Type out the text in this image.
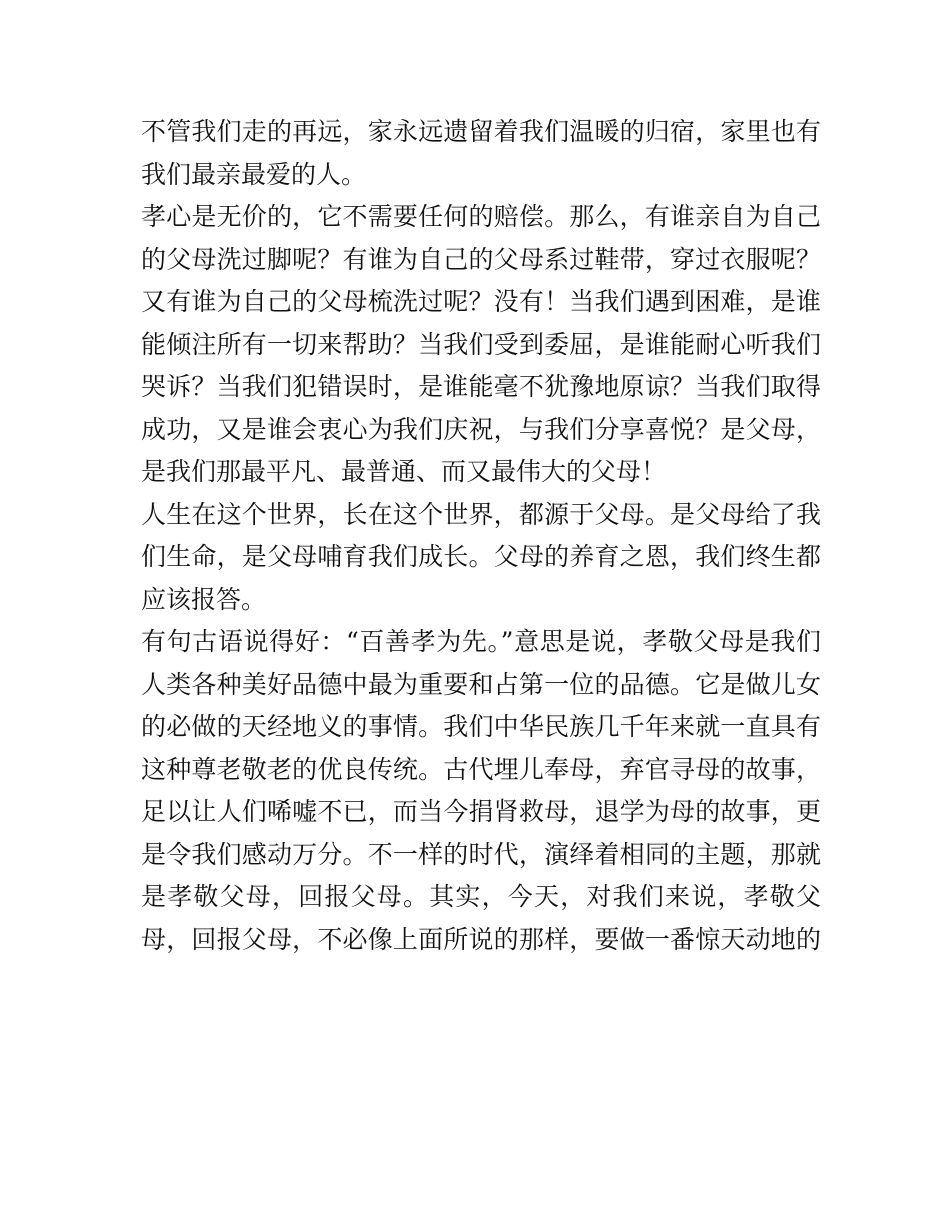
不管我们走的再远，家永远遗留着我们温暖的归宿，家里也有
我们最亲最爱的人。
孝心是无价的，它不需要任何的赔偿。那么，有谁亲自为自己
的父母洗过脚呢？有谁为自己的父母系过鞋带，穿过衣服呢？
又有谁为自己的父母梳洗过呢？没有！当我们遇到困难，是谁
能倾注所有一切来帮助？当我们受到委屈，是谁能耐心听我们
哭诉？当我们犯错误时，是谁能毫不犹豫地原谅？当我们取得
成功，又是谁会衷心为我们庆祝，与我们分享喜悦？是父母，
是我们那最平凡、最普通、而又最伟大的父母！
人生在这个世界，长在这个世界，都源于父母。是父母给了我
们生命，是父母哺育我们成长。父母的养育之恩，我们终生都
应该报答。
有句古语说得好：“百善孝为先。”意思是说，孝敬父母是我们
人类各种美好品德中最为重要和占第一位的品德。它是做儿女
的必做的天经地义的事情。我们中华民族几千年来就一直具有
这种尊老敬老的优良传统。古代埋儿奉母，弃官寻母的故事，
足以让人们唏嘘不已，而当今捐肾救母，退学为母的故事，更
是令我们感动万分。不一样的时代，演绎着相同的主题，那就
是孝敬父母，回报父母。其实，今天，对我们来说，孝敬父
母，回报父母，不必像上面所说的那样，要做一番惊天动地的
